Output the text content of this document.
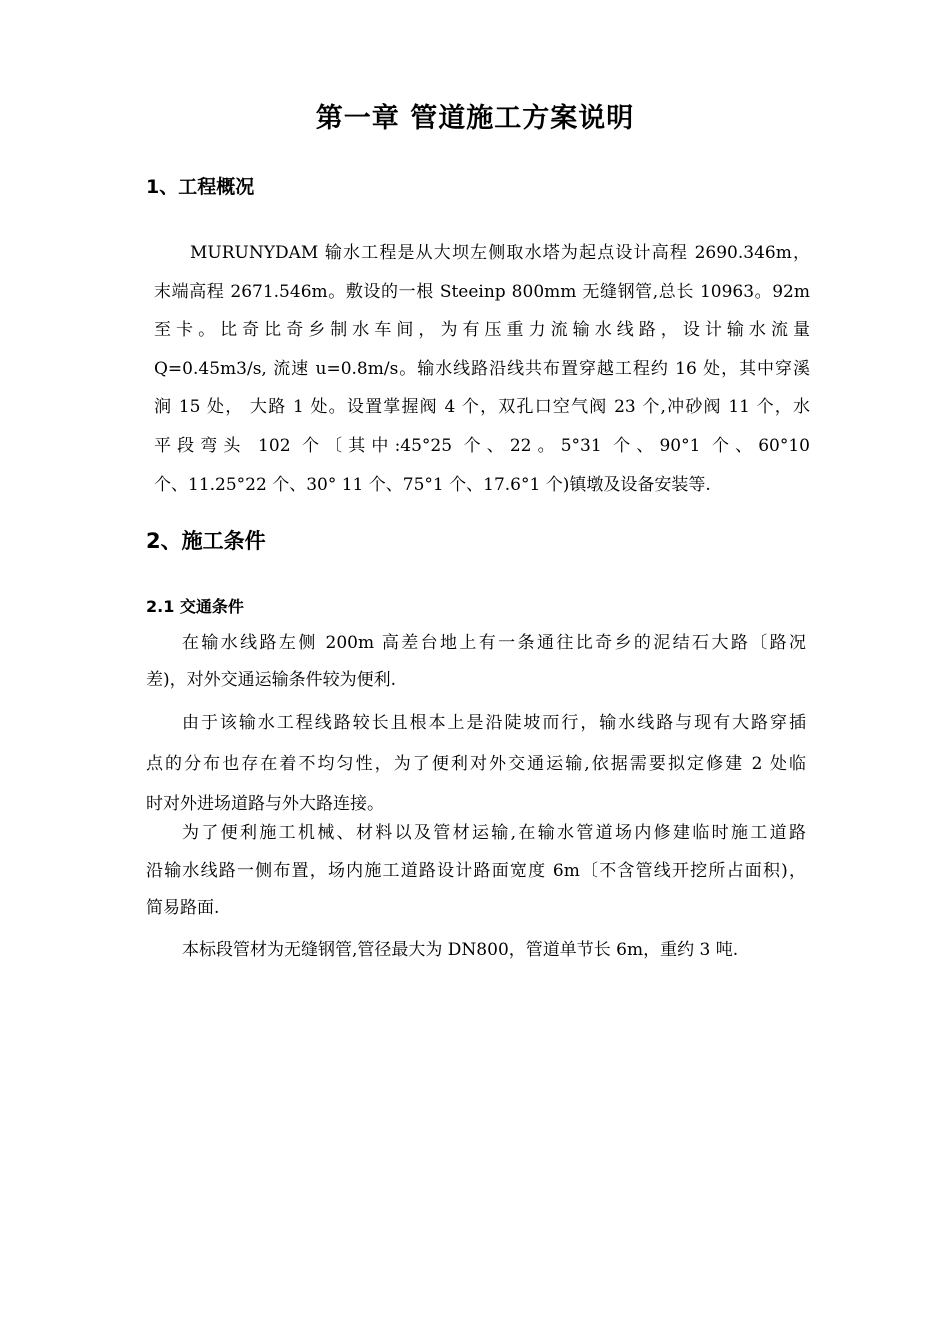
第一章 管道施工方案说明
1、工程概况
MURUNYDAM 输水工程是从大坝左侧取水塔为起点设计高程 2690.346m，
末端高程 2671.546m。敷设的一根 Steeinp 800mm 无缝钢管,总长 10963。92m
至卡。比奇比奇乡制水车间，为有压重力流输水线路，设计输水流量
Q=0.45m3/s, 流速 u=0.8m/s。输水线路沿线共布置穿越工程约 16 处，其中穿溪
涧 15 处， 大路 1 处。设置掌握阀 4 个，双孔口空气阀 23 个,冲砂阀 11 个，水
平段弯头 102 个〔其中:45°25 个、22。5°31 个、90°1 个、60°10
个、11.25°22 个、30° 11 个、75°1 个、17.6°1 个)镇墩及设备安装等.
2、施工条件
2.1 交通条件
在输水线路左侧 200m 高差台地上有一条通往比奇乡的泥结石大路〔路况
差)，对外交通运输条件较为便利.
由于该输水工程线路较长且根本上是沿陡坡而行，输水线路与现有大路穿插
点的分布也存在着不均匀性，为了便利对外交通运输,依据需要拟定修建 2 处临
时对外进场道路与外大路连接。
为了便利施工机械、材料以及管材运输,在输水管道场内修建临时施工道路
沿输水线路一侧布置，场内施工道路设计路面宽度 6m〔不含管线开挖所占面积)，
简易路面.
本标段管材为无缝钢管,管径最大为 DN800，管道单节长 6m，重约 3 吨.
